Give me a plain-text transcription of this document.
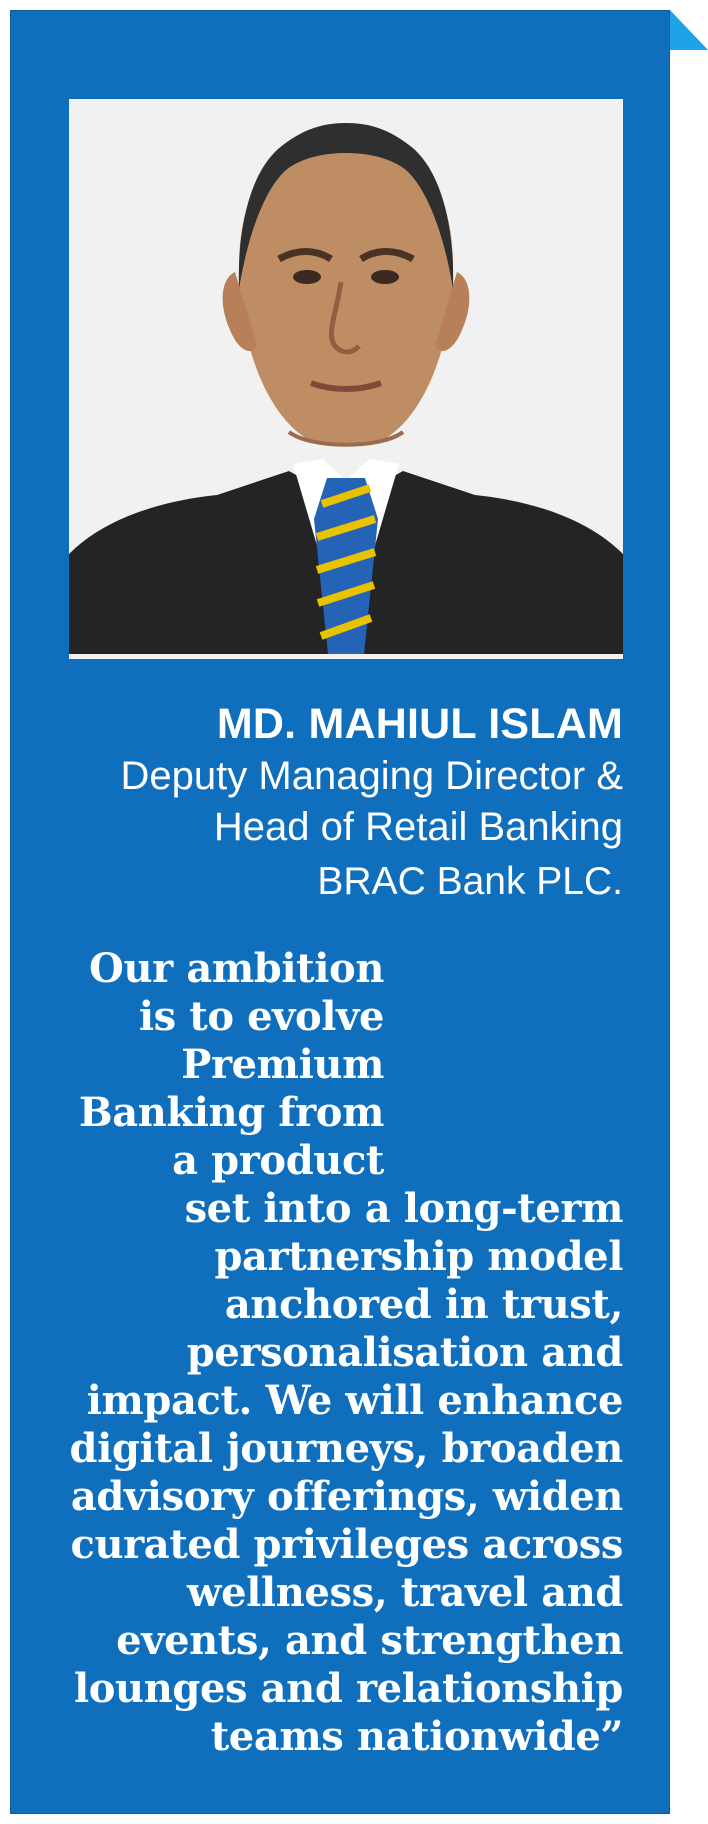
MD. MAHIUL ISLAM
Deputy Managing Director &
Head of Retail Banking
BRAC Bank PLC.
Our ambition
is to evolve
Premium
Banking from
a product
set into a long-term
partnership model
anchored in trust,
personalisation and
impact. We will enhance
digital journeys, broaden
advisory offerings, widen
curated privileges across
wellness, travel and
events, and strengthen
lounges and relationship
teams nationwide”
